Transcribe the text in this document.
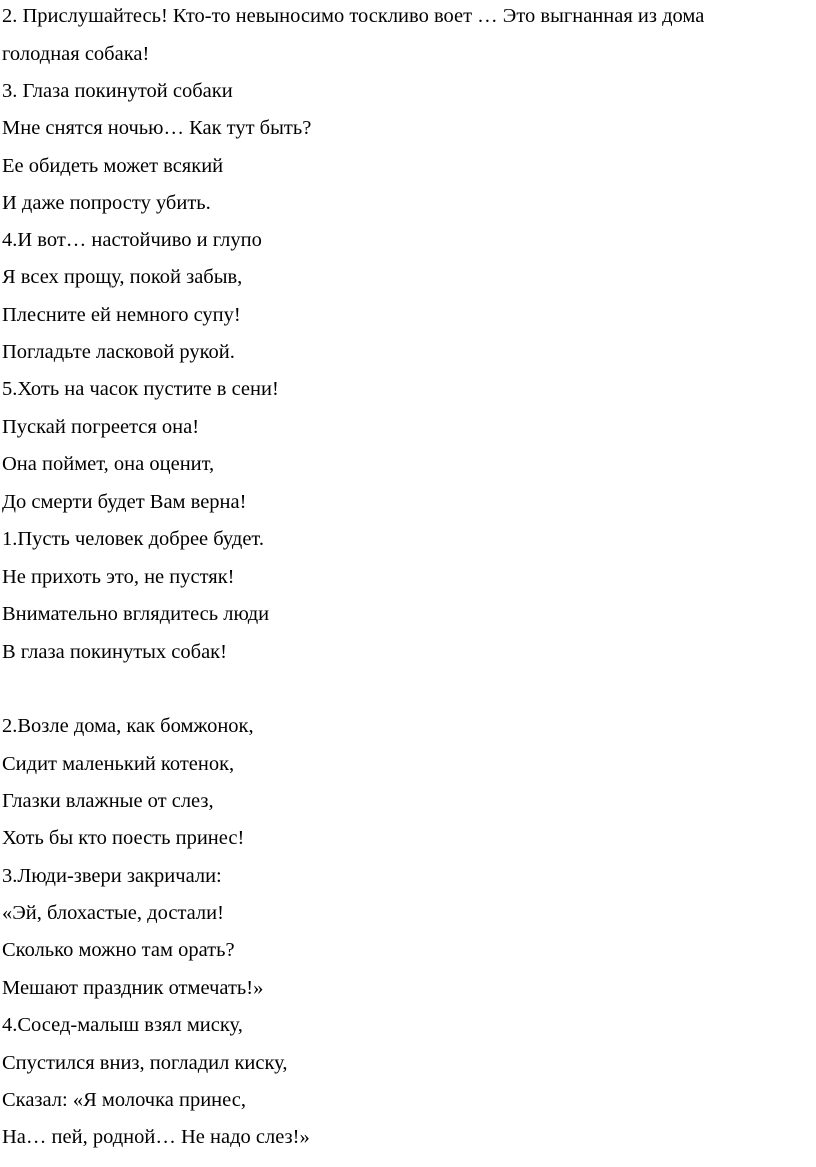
2. Прислушайтесь! Кто-то невыносимо тоскливо воет … Это выгнанная из дома
голодная собака!
3. Глаза покинутой собаки
Мне снятся ночью… Как тут быть?
Ее обидеть может всякий
И даже попросту убить.
4.И вот… настойчиво и глупо
Я всех прощу, покой забыв,
Плесните ей немного супу!
Погладьте ласковой рукой.
5.Хоть на часок пустите в сени!
Пускай погреется она!
Она поймет, она оценит,
До смерти будет Вам верна!
1.Пусть человек добрее будет.
Не прихоть это, не пустяк!
Внимательно вглядитесь люди
В глаза покинутых собак!
2.Возле дома, как бомжонок,
Сидит маленький котенок,
Глазки влажные от слез,
Хоть бы кто поесть принес!
3.Люди-звери закричали:
«Эй, блохастые, достали!
Сколько можно там орать?
Мешают праздник отмечать!»
4.Сосед-малыш взял миску,
Спустился вниз, погладил киску,
Сказал: «Я молочка принес,
На… пей, родной… Не надо слез!»
